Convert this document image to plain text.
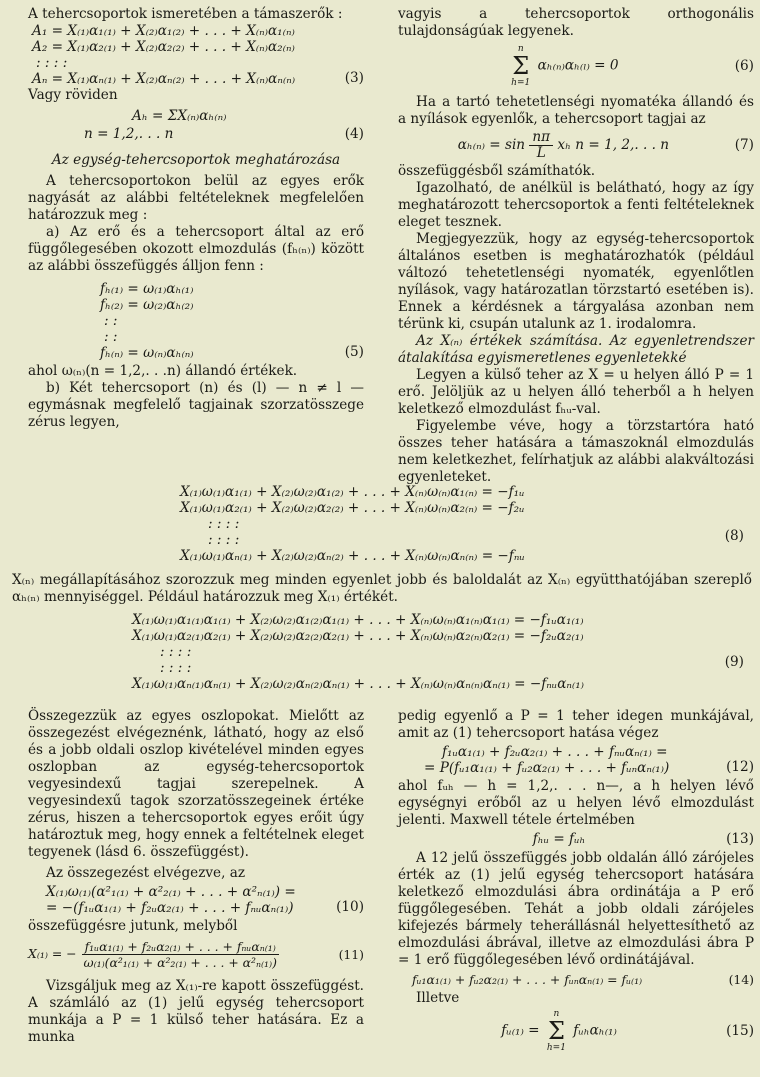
A tehercsoportok ismeretében a támaszerők :

A₁ = X₍₁₎α₁₍₁₎ + X₍₂₎α₁₍₂₎ + . . . + X₍ₙ₎α₁₍ₙ₎
A₂ = X₍₁₎α₂₍₁₎ + X₍₂₎α₂₍₂₎ + . . . + X₍ₙ₎α₂₍ₙ₎
: : : :
Aₙ = X₍₁₎αₙ₍₁₎ + X₍₂₎αₙ₍₂₎ + . . . + X₍ₙ₎αₙ₍ₙ₎	(3)

Vagy röviden

Aₕ = ΣX₍ₙ₎αₕ₍ₙ₎
n = 1,2,. . . n	(4)
Az egység-tehercsoportok meghatározása

A tehercsoportokon belül az egyes erők nagyását az alábbi feltételeknek megfelelően határozzuk meg :

a) Az erő és a tehercsoport által az erő függőlegesében okozott elmozdulás (fₕ₍ₙ₎) között az alábbi összefüggés álljon fenn :

fₕ₍₁₎ = ω₍₁₎αₕ₍₁₎
fₕ₍₂₎ = ω₍₂₎αₕ₍₂₎
: :
: :
fₕ₍ₙ₎ = ω₍ₙ₎αₕ₍ₙ₎	(5)

ahol ω₍ₙ₎(n = 1,2,. . .n) állandó értékek.

b) Két tehercsoport (n) és (l) — n ≠ l — egymásnak megfelelő tagjainak szorzatösszege zérus legyen,

vagyis a tehercsoportok orthogonális tulajdonságúak legyenek.

n
Σ
h=1
αₕ₍ₙ₎αₕ₍ₗ₎ = 0	(6)

Ha a tartó tehetetlenségi nyomatéka állandó és a nyílások egyenlők, a tehercsoport tagjai az

$\alpha_{h(n)} = \sin \frac{n\pi}{L}$ xₕ n = 1, 2,. . . n	(7)

összefüggésből számíthatók.

Igazolható, de anélkül is belátható, hogy az így meghatározott tehercsoportok a fenti feltételeknek eleget tesznek.

Megjegyezzük, hogy az egység-tehercsoportok általános esetben is meghatározhatók (például változó tehetetlenségi nyomaték, egyenlőtlen nyílások, vagy határozatlan törzstartó esetében is). Ennek a kérdésnek a tárgyalása azonban nem térünk ki, csupán utalunk az 1. irodalomra.

Az X₍ₙ₎ értékek számítása. Az egyenletrendszer átalakítása egyismeretlenes egyenletekké

Legyen a külső teher az X = u helyen álló P = 1 erő. Jelöljük az u helyen álló teherből a h helyen keletkező elmozdulást fₕᵤ-val.

Figyelembe véve, hogy a törzstartóra ható összes teher hatására a támaszoknál elmozdulás nem keletkezhet, felírhatjuk az alábbi alakváltozási egyenleteket.

X₍₁₎ω₍₁₎α₁₍₁₎ + X₍₂₎ω₍₂₎α₁₍₂₎ + . . . + X₍ₙ₎ω₍ₙ₎α₁₍ₙ₎ = −f₁ᵤ
X₍₁₎ω₍₁₎α₂₍₁₎ + X₍₂₎ω₍₂₎α₂₍₂₎ + . . . + X₍ₙ₎ω₍ₙ₎α₂₍ₙ₎ = −f₂ᵤ
: : : :
: : : :
X₍₁₎ω₍₁₎αₙ₍₁₎ + X₍₂₎ω₍₂₎αₙ₍₂₎ + . . . + X₍ₙ₎ω₍ₙ₎αₙ₍ₙ₎ = −fₙᵤ
(8)

X₍ₙ₎ megállapításához szorozzuk meg minden egyenlet jobb és baloldalát az X₍ₙ₎ együtthatójában szereplő αₕ₍ₙ₎ mennyiséggel. Például határozzuk meg X₍₁₎ értékét.

X₍₁₎ω₍₁₎α₁₍₁₎α₁₍₁₎ + X₍₂₎ω₍₂₎α₁₍₂₎α₁₍₁₎ + . . . + X₍ₙ₎ω₍ₙ₎α₁₍ₙ₎α₁₍₁₎ = −f₁ᵤα₁₍₁₎
X₍₁₎ω₍₁₎α₂₍₁₎α₂₍₁₎ + X₍₂₎ω₍₂₎α₂₍₂₎α₂₍₁₎ + . . . + X₍ₙ₎ω₍ₙ₎α₂₍ₙ₎α₂₍₁₎ = −f₂ᵤα₂₍₁₎
: : : :
: : : :
X₍₁₎ω₍₁₎αₙ₍₁₎αₙ₍₁₎ + X₍₂₎ω₍₂₎αₙ₍₂₎αₙ₍₁₎ + . . . + X₍ₙ₎ω₍ₙ₎αₙ₍ₙ₎αₙ₍₁₎ = −fₙᵤαₙ₍₁₎
(9)

Összegezzük az egyes oszlopokat. Mielőtt az összegezést elvégeznénk, látható, hogy az első és a jobb oldali oszlop kivételével minden egyes oszlopban az egység-tehercsoportok vegyesindexű tagjai szerepelnek. A vegyesindexű tagok szorzatösszegeinek értéke zérus, hiszen a tehercsoportok egyes erőit úgy határoztuk meg, hogy ennek a feltételnek eleget tegyenek (lásd 6. összefüggést).

Az összegezést elvégezve, az

X₍₁₎ω₍₁₎(α²₁₍₁₎ + α²₂₍₁₎ + . . . + α²ₙ₍₁₎) =
= −(f₁ᵤα₁₍₁₎ + f₂ᵤα₂₍₁₎ + . . . + fₙᵤαₙ₍₁₎)	(10)

összefüggésre jutunk, melyből

X₍₁₎ = − $\frac{\text{f₁ᵤα₁₍₁₎ + f₂ᵤα₂₍₁₎ + . . . + fₙᵤαₙ₍₁₎}}{\text{ω₍₁₎(α²₁₍₁₎ + α²₂₍₁₎ + . . . + α²ₙ₍₁₎)}}$	(11)

Vizsgáljuk meg az X₍₁₎-re kapott összefüggést. A számláló az (1) jelű egység tehercsoport munkája a P = 1 külső teher hatására. Ez a munka

pedig egyenlő a P = 1 teher idegen munkájával, amit az (1) tehercsoport hatása végez

f₁ᵤα₁₍₁₎ + f₂ᵤα₂₍₁₎ + . . . + fₙᵤαₙ₍₁₎ =
= P(fᵤ₁α₁₍₁₎ + fᵤ₂α₂₍₁₎ + . . . + fᵤₙαₙ₍₁₎)	(12)

ahol fᵤₕ — h = 1,2,. . . n—, a h helyen lévő egységnyi erőből az u helyen lévő elmozdulást jelenti. Maxwell tétele értelmében

fₕᵤ = fᵤₕ	(13)

A 12 jelű összefüggés jobb oldalán álló zárójeles érték az (1) jelű egység tehercsoport hatására keletkező elmozdulási ábra ordinátája a P erő függőlegesében. Tehát a jobb oldali zárójeles kifejezés bármely teherállásnál helyettesíthető az elmozdulási ábrával, illetve az elmozdulási ábra P = 1 erő függőlegesében lévő ordinátájával.

fᵤ₁α₁₍₁₎ + fᵤ₂α₂₍₁₎ + . . . + fᵤₙαₙ₍₁₎ = fᵤ₍₁₎	(14)

Illetve

fᵤ₍₁₎ =
n
Σ
h=1
fᵤₕαₕ₍₁₎	(15)
